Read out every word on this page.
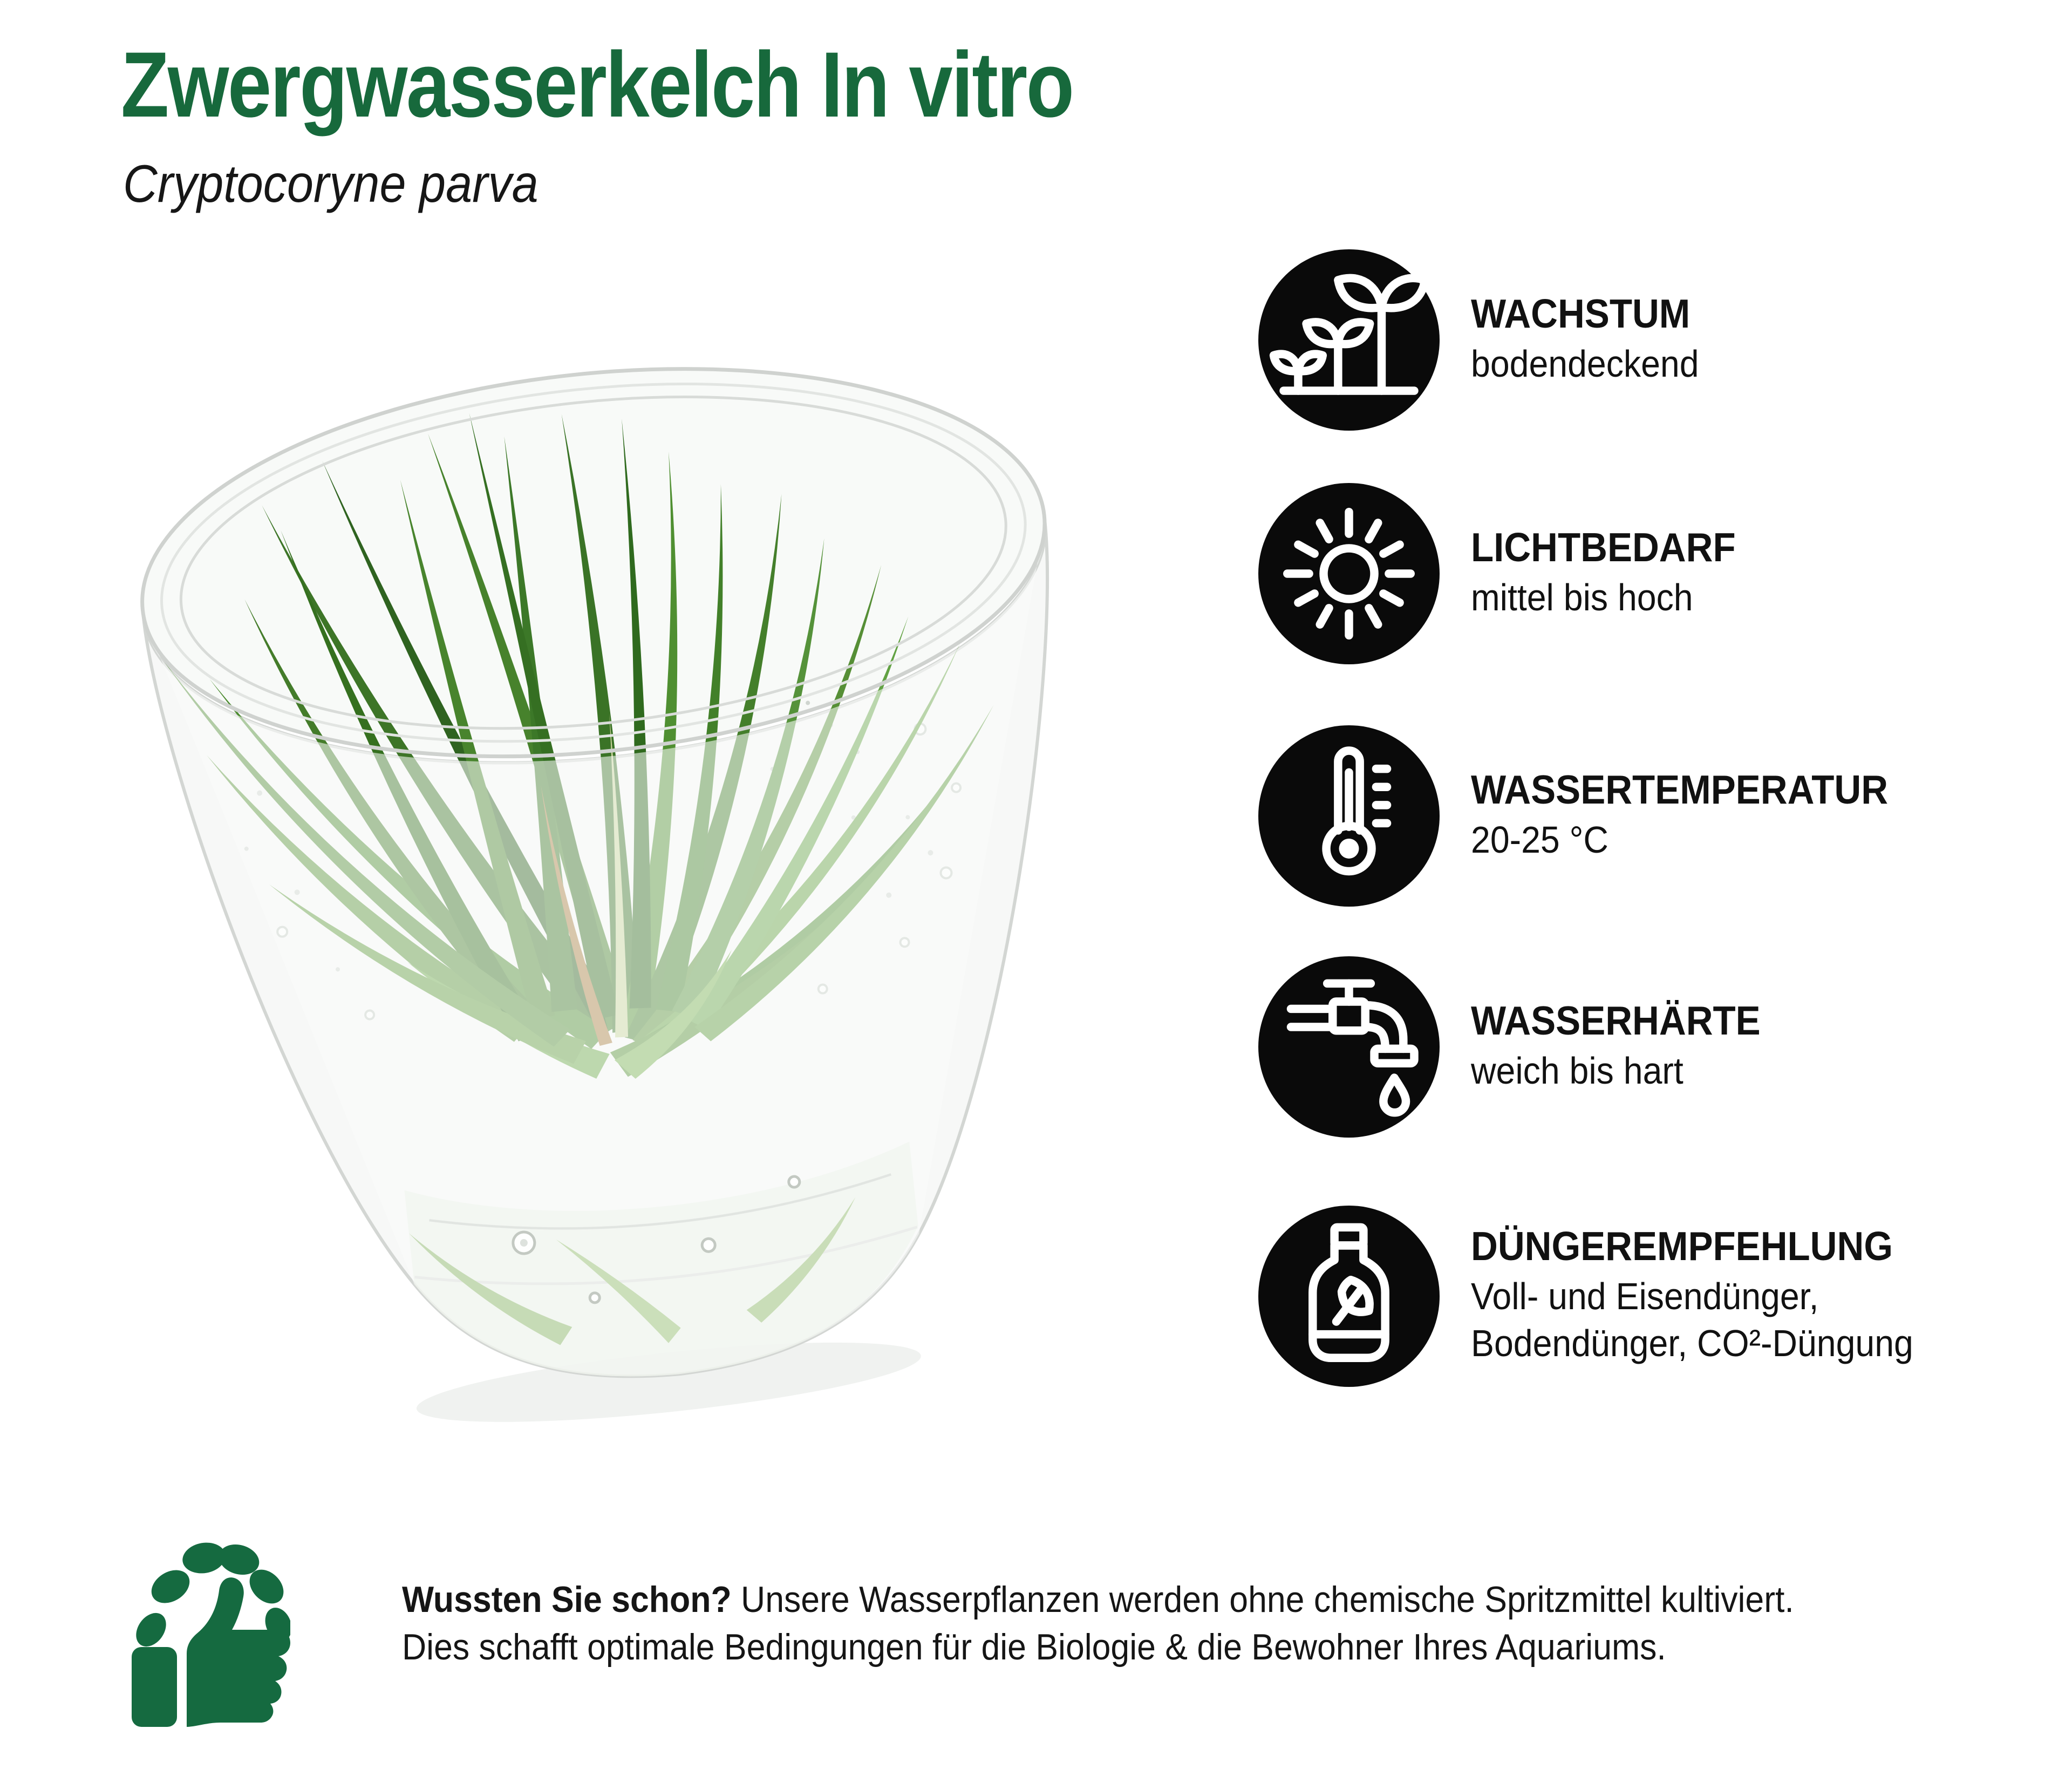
Zwergwasserkelch In vitro
Cryptocoryne parva
WACHSTUM
bodendeckend
LICHTBEDARF
mittel bis hoch
WASSERTEMPERATUR
20-25 °C
WASSERHÄRTE
weich bis hart
DÜNGEREMPFEHLUNG
Voll- und Eisendünger,
Bodendünger, CO²-Düngung
Wussten Sie schon? Unsere Wasserpflanzen werden ohne chemische Spritzmittel kultiviert.
Dies schafft optimale Bedingungen für die Biologie & die Bewohner Ihres Aquariums.
